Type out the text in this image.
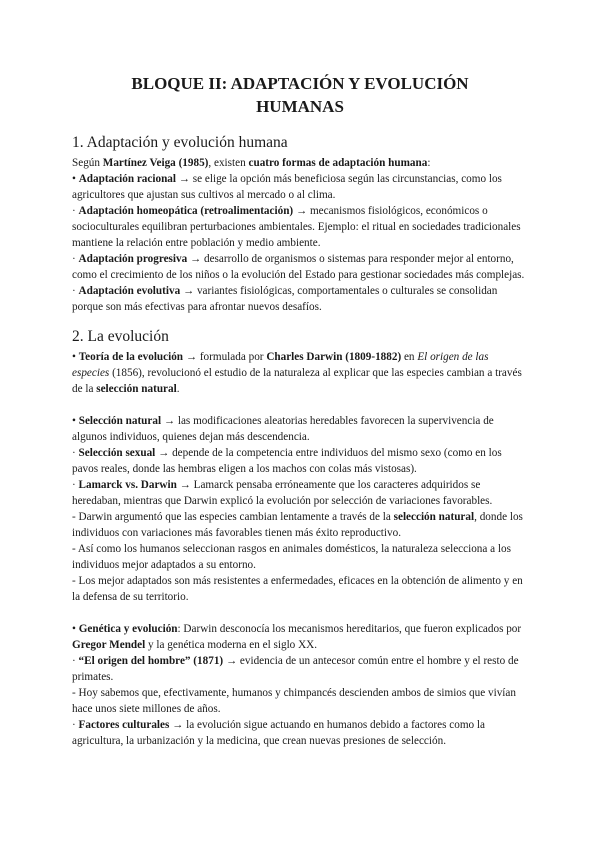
BLOQUE II: ADAPTACIÓN Y EVOLUCIÓN
HUMANAS
1. Adaptación y evolución humana

Según Martínez Veiga (1985), existen cuatro formas de adaptación humana:

• Adaptación racional → se elige la opción más beneficiosa según las circunstancias, como los agricultores que ajustan sus cultivos al mercado o al clima.

· Adaptación homeopática (retroalimentación) → mecanismos fisiológicos, económicos o socioculturales equilibran perturbaciones ambientales. Ejemplo: el ritual en sociedades tradicionales mantiene la relación entre población y medio ambiente.

· Adaptación progresiva → desarrollo de organismos o sistemas para responder mejor al entorno, como el crecimiento de los niños o la evolución del Estado para gestionar sociedades más complejas.

· Adaptación evolutiva → variantes fisiológicas, comportamentales o culturales se consolidan porque son más efectivas para afrontar nuevos desafíos.

2. La evolución

• Teoría de la evolución → formulada por Charles Darwin (1809-1882) en El origen de las especies (1856), revolucionó el estudio de la naturaleza al explicar que las especies cambian a través de la selección natural.

• Selección natural → las modificaciones aleatorias heredables favorecen la supervivencia de algunos individuos, quienes dejan más descendencia.

· Selección sexual → depende de la competencia entre individuos del mismo sexo (como en los pavos reales, donde las hembras eligen a los machos con colas más vistosas).

· Lamarck vs. Darwin → Lamarck pensaba erróneamente que los caracteres adquiridos se heredaban, mientras que Darwin explicó la evolución por selección de variaciones favorables.

- Darwin argumentó que las especies cambian lentamente a través de la selección natural, donde los individuos con variaciones más favorables tienen más éxito reproductivo.

- Así como los humanos seleccionan rasgos en animales domésticos, la naturaleza selecciona a los individuos mejor adaptados a su entorno.

- Los mejor adaptados son más resistentes a enfermedades, eficaces en la obtención de alimento y en la defensa de su territorio.

• Genética y evolución: Darwin desconocía los mecanismos hereditarios, que fueron explicados por Gregor Mendel y la genética moderna en el siglo XX.

· “El origen del hombre” (1871) → evidencia de un antecesor común entre el hombre y el resto de primates.

- Hoy sabemos que, efectivamente, humanos y chimpancés descienden ambos de simios que vivían hace unos siete millones de años.

· Factores culturales → la evolución sigue actuando en humanos debido a factores como la agricultura, la urbanización y la medicina, que crean nuevas presiones de selección.
